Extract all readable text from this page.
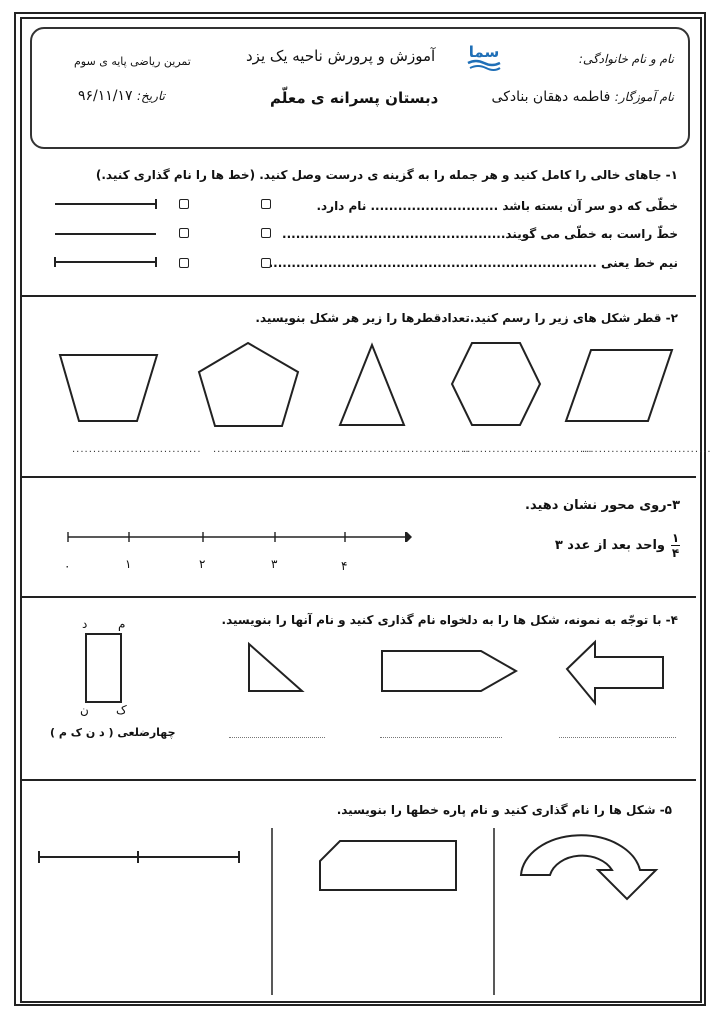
نام و نام خانوادگی:
نام آموزگار: فاطمه دهقان بنادکی
سما
آموزش و پرورش ناحیه یک یزد
دبستان پسرانه ی معلّم
تمرین ریاضی پایه ی سوم
تاریخ: ۹۶/۱۱/۱۷
۱- جاهای خالی را کامل کنید و هر جمله را به گزینه ی درست وصل کنید. (خط ها را نام گذاری کنید.)
خطّی که دو سر آن بسته باشد ............................ نام دارد.
خطّ راست به خطّی می گویند.................................................
نیم خط یعنی ........................................................................
۲- قطر شکل های زیر را رسم کنید.تعدادقطرها را زیر هر شکل بنویسید.
............................... ...............................
...............................
...............................
...............................
۳-روی محور نشان دهید.
۱
۴
واحد بعد از عدد ۳
۰	۱	۲	۳	۴
۴- با توجّه به نمونه، شکل ها را به دلخواه نام گذاری کنید و نام آنها را بنویسید.
د	م
ک
ن
چهارضلعی ( د ن ک م )
۵- شکل ها را نام گذاری کنید و نام پاره خطها را بنویسید.
